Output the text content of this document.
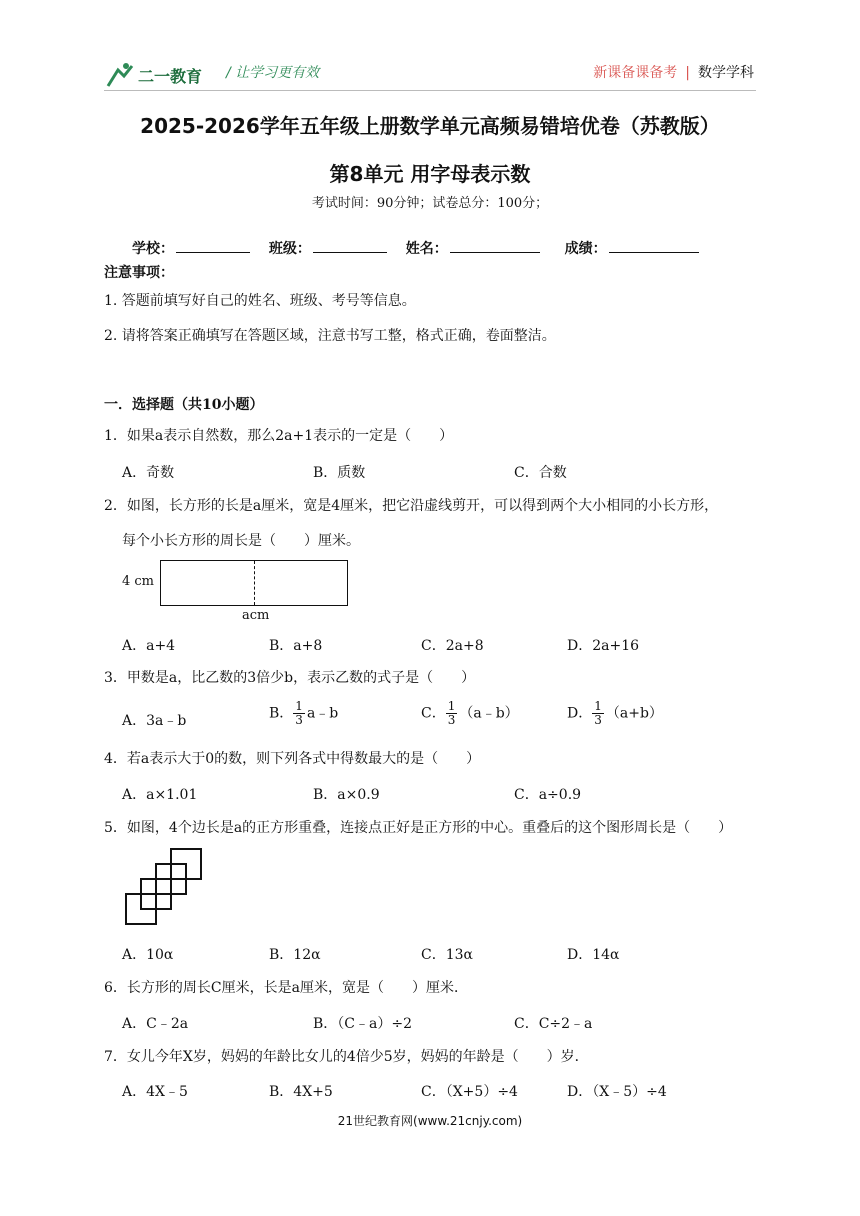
二一教育 / 让学习更有效	新课备课备考 | 数学学科
2025-2026学年五年级上册数学单元高频易错培优卷（苏教版）
第8单元 用字母表示数
考试时间：90分钟；试卷总分：100分；
学校：	班级：	姓名：	成绩：
注意事项：
1. 答题前填写好自己的姓名、班级、考号等信息。
2. 请将答案正确填写在答题区域，注意书写工整，格式正确，卷面整洁。
一．选择题（共10小题）
1．如果a表示自然数，那么2a+1表示的一定是（　　）
A．奇数	B．质数	C．合数
2．如图，长方形的长是a厘米，宽是4厘米，把它沿虚线剪开，可以得到两个大小相同的小长方形，
每个小长方形的周长是（　　）厘米。
4 cm
acm
A．a+4	B．a+8	C．2a+8	D．2a+16
3．甲数是a，比乙数的3倍少b，表示乙数的式子是（　　）
A．3a﹣b	B． $\frac{1}{3}$ a﹣b	C． $\frac{1}{3}$ （a﹣b）	D． $\frac{1}{3} (a+b)$
4．若a表示大于0的数，则下列各式中得数最大的是（　　）
A．a×1.01	B．a×0.9	C．a÷0.9
5．如图，4个边长是a的正方形重叠，连接点正好是正方形的中心。重叠后的这个图形周长是（　　）
A．10α	B．12α	C．13α	D．14α
6．长方形的周长C厘米，长是a厘米，宽是（　　）厘米．
A．C﹣2a	B．（C﹣a）÷2	C．C÷2﹣a
7．女儿今年X岁，妈妈的年龄比女儿的4倍少5岁，妈妈的年龄是（　　）岁．
A．4X﹣5	B．4X+5	C．（X+5）÷4	D．（X﹣5）÷4
21世纪教育网(www.21cnjy.com)
